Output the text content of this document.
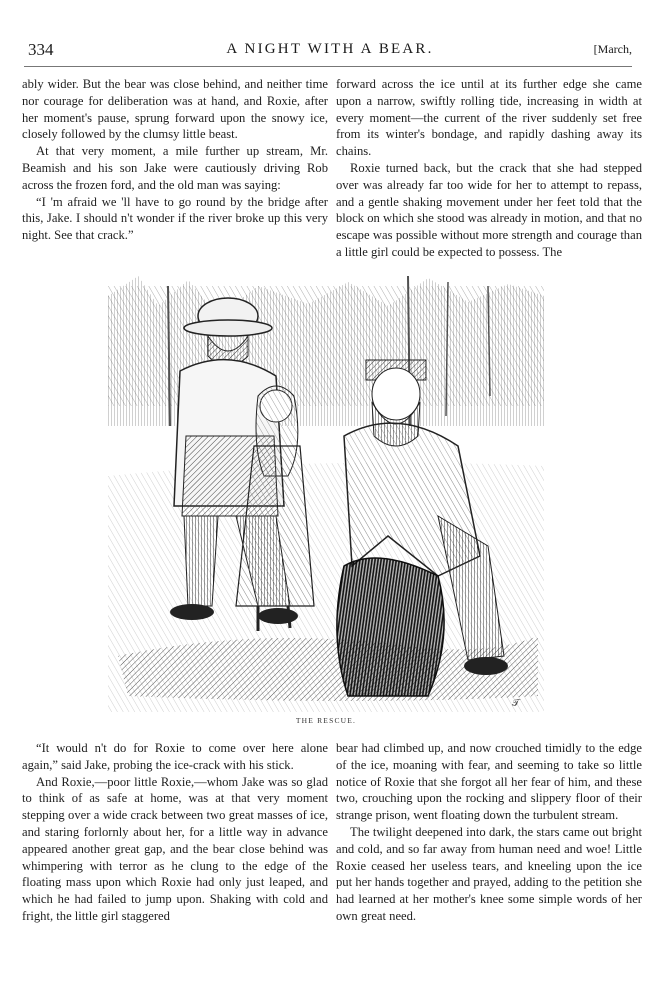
334	A NIGHT WITH A BEAR.	[March,

ably wider. But the bear was close behind, and neither time nor courage for deliberation was at hand, and Roxie, after her moment's pause, sprung forward upon the snowy ice, closely followed by the clumsy little beast.

At that very moment, a mile further up stream, Mr. Beamish and his son Jake were cautiously driving Rob across the frozen ford, and the old man was saying:

“I 'm afraid we 'll have to go round by the bridge after this, Jake. I should n't wonder if the river broke up this very night. See that crack.”

forward across the ice until at its further edge she came upon a narrow, swiftly rolling tide, increasing in width at every moment—the current of the river suddenly set free from its winter's bondage, and rapidly dashing away its chains.

Roxie turned back, but the crack that she had stepped over was already far too wide for her to attempt to repass, and a gentle shaking movement under her feet told that the block on which she stood was already in motion, and that no escape was possible without more strength and courage than a little girl could be expected to possess. The

𝒯
THE RESCUE.

“It would n't do for Roxie to come over here alone again,” said Jake, probing the ice-crack with his stick.

And Roxie,—poor little Roxie,—whom Jake was so glad to think of as safe at home, was at that very moment stepping over a wide crack between two great masses of ice, and staring forlornly about her, for a little way in advance appeared another great gap, and the bear close behind was whimpering with terror as he clung to the edge of the floating mass upon which Roxie had only just leaped, and which he had failed to jump upon. Shaking with cold and fright, the little girl staggered

bear had climbed up, and now crouched timidly to the edge of the ice, moaning with fear, and seeming to take so little notice of Roxie that she forgot all her fear of him, and these two, crouching upon the rocking and slippery floor of their strange prison, went floating down the turbulent stream.

The twilight deepened into dark, the stars came out bright and cold, and so far away from human need and woe! Little Roxie ceased her useless tears, and kneeling upon the ice put her hands together and prayed, adding to the petition she had learned at her mother's knee some simple words of her own great need.
